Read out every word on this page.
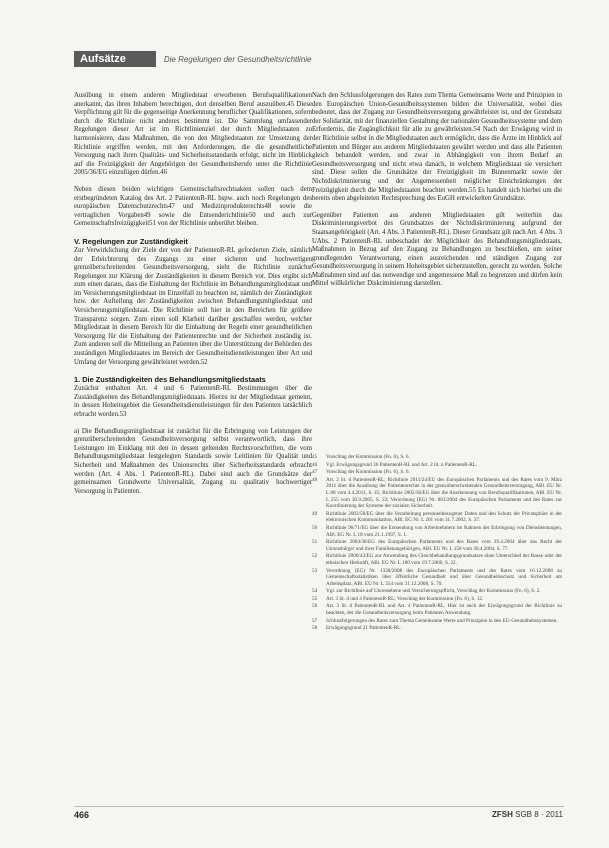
Aufsätze	Die Regelungen der Gesundheitsrichtlinie

Ausübung in einem anderen Mitgliedstaat erworbenen Berufsqualifikationen anerkannt, das ihren Inhabern berechtigen, dort denselben Beruf auszuüben.45 Diese Verpflichtung gilt für die gegenseitige Anerkennung beruflicher Qualifikationen, sofern durch die Richtlinie nicht anderes bestimmt ist. Die Sammlung umfassender Regelungen dieser Art ist im Richtlinienziel der durch Mitgliedstaaten zu harmonisieren, dass Maßnahmen, die von den Mitgliedstaaten zur Umsetzung der Richtlinie ergriffen werden, mit den Anforderungen, die die gesundheitliche Versorgung nach ihren Qualitäts- und Sicherheitsstandards erfolgt, nicht im Hinblick auf die Freizügigkeit der Angehörigen der Gesundheitsberufe unter die Richtlinie 2005/36/EG einzufügen dürfen.46

Neben diesen beiden wichtigen Gemeinschaftsrechtsakten sollen nach dem erstbegründeten Katalog des Art. 2 PatientenR-RL bspw. auch noch Regelungen des europäischen Datenschutzrechts47 und Medizinprodukterechts48 sowie die vertraglichen Vorgaben49 sowie die Entsenderichtlinie50 und auch zur Gemeinschaftsfreizügigkeit51 von der Richtlinie unberührt bleiben.

V. Regelungen zur Zuständigkeit

Zur Verwirklichung der Ziele der von der PatientenR-RL geforderten Ziele, nämlich der Erleichterung des Zugangs zu einer sicheren und hochwertigen grenzüberschreitenden Gesundheitsversorgung, sieht die Richtlinie zunächst Regelungen zur Klärung der Zuständigkeiten in diesem Bereich vor. Dies ergibt sich zum einen daraus, dass die Einhaltung der Richtlinie im Behandlungsmitgliedstaat und im Versicherungsmitgliedstaat im Einzelfall zu beachten ist, nämlich der Zuständigkeit bzw. der Aufteilung der Zuständigkeiten zwischen Behandlungsmitgliedstaat und Versicherungsmitgliedstaat. Die Richtlinie soll hier in den Bereichen für größere Transparenz sorgen. Zum einen soll Klarheit darüber geschaffen werden, welcher Mitgliedstaat in diesem Bereich für die Einhaltung der Regeln einer gesundheitlichen Versorgung für die Einhaltung der Patientenrechte und der Sicherheit zuständig ist. Zum anderen soll die Mitteilung an Patienten über die Unterstützung der Behörden des zuständigen Mitgliedstaates im Bereich der Gesundheitsdienstleistungen über Art und Umfang der Versorgung gewährleistet werden.52

1. Die Zuständigkeiten des Behandlungsmitgliedstaats

Zunächst enthalten Art. 4 und 6 PatientenR-RL Bestimmungen über die Zuständigkeiten des Behandlungsmitgliedstaats. Hierzu ist der Mitgliedstaat gemeint, in dessen Hoheitsgebiet die Gesundheitsdienstleistungen für den Patienten tatsächlich erbracht werden.53

a) Die Behandlungsmitgliedstaat ist zunächst für die Erbringung von Leistungen der grenzüberschreitenden Gesundheitsversorgung selbst verantwortlich, dass ihre Leistungen im Einklang mit den in dessen geltenden Rechtsvorschriften, die vom Behandlungsmitgliedstaat festgelegten Standards sowie Leitlinien für Qualität und Sicherheit und Maßnahmen des Unionsrechts über Sicherheitsstandards erbracht werden (Art. 4 Abs. 1 PatientenR-RL). Dabei sind auch die Grundsätze der gemeinsamen Grundwerte Universalität, Zugang zu qualitativ hochwertiger Versorgung in Patienten.

Nach den Schlussfolgerungen des Rates zum Thema Gemeinsame Werte und Prinzipien in den Europäischen Union-Gesundheitssystemen bilden die Universalität, wobei dies bedeutet, dass der Zugang zur Gesundheitsversorgung gewährleistet ist, und der Grundsatz der Solidarität, mit der finanziellen Gestaltung der nationalen Gesundheitssysteme und dem Erfordernis, die Zugänglichkeit für alle zu gewährleisten.54 Nach der Erwägung wird in der Richtlinie selbst in die Mitgliedstaaten auch ermöglicht, dass die Ärzte im Hinblick auf Patienten und Bürger aus anderen Mitgliedstaaten gewährt werden und dass alle Patienten gleich behandelt werden, und zwar in Abhängigkeit von ihrem Bedarf an Gesundheitsversorgung und nicht etwa danach, in welchem Mitgliedstaat sie versichert sind. Diese sollen die Grundsätze der Freizügigkeit im Binnenmarkt sowie der Nichtdiskriminierung und der Angemessenheit möglicher Einschränkungen der Freizügigkeit durch die Mitgliedstaaten beachtet werden.55 Es handelt sich hierbei um die bereits oben abgeleiteten Rechtsprechung des EuGH entwickelten Grundsätze.

Gegenüber Patienten aus anderen Mitgliedstaaten gilt weiterhin das Diskriminierungsverbot des Grundsatzes der Nichtdiskriminierung aufgrund der Staatsangehörigkeit (Art. 4 Abs. 3 PatientenR-RL). Dieser Grundsatz gilt nach Art. 4 Abs. 3 UAbs. 2 PatientenR-RL unbeschadet der Möglichkeit des Behandlungsmitgliedstaats, Maßnahmen in Bezug auf den Zugang zu Behandlungen zu beschließen, um seiner grundlegenden Verantwortung, einen ausreichenden und ständigen Zugang zur Gesundheitsversorgung in seinem Hoheitsgebiet sicherzustellen, gerecht zu werden. Solche Maßnahmen sind auf das notwendige und angemessene Maß zu begrenzen und dürfen kein Mittel willkürlicher Diskriminierung darstellen.

45	Vorschlag der Kommission (Fn. 6), S. 6.
46	Vgl. Erwägungsgrund 36 PatientenR-RL und Art. 2 lit. n PatientenR-RL.
47	Vorschlag der Kommission (Fn. 6), S. 6.
48	Art. 2 lit. d PatientenR-RL; Richtlinie 2011/24/EU des Europäischen Parlaments und des Rates vom 9. März 2011 über die Ausübung der Patientenrechte in der grenzüberschreitenden Gesundheitsversorgung, ABl. EU Nr. L 88 vom 4.4.2011, S. 45; Richtlinie 2005/36/EG über die Anerkennung von Berufsqualifikationen, ABl. EU Nr. L 255 vom 30.9.2005, S. 22; Verordnung (EG) Nr. 883/2004 des Europäischen Parlaments und des Rates zur Koordinierung der Systeme der sozialen Sicherheit.
49	Richtlinie 2002/58/EG über die Verarbeitung personenbezogener Daten und den Schutz der Privatsphäre in der elektronischen Kommunikation, ABl. EG Nr. L 201 vom 31.7.2002, S. 37.
50	Richtlinie 96/71/EG über die Entsendung von Arbeitnehmern im Rahmen der Erbringung von Dienstleistungen, ABl. EG Nr. L 18 vom 21.1.1997, S. 1.
51	Richtlinie 2004/38/EG des Europäischen Parlaments und des Rates vom 29.4.2004 über das Recht der Unionsbürger und ihrer Familienangehörigen, ABl. EU Nr. L 158 vom 30.4.2004, S. 77.
52	Richtlinie 2000/43/EG zur Anwendung des Gleichbehandlungsgrundsatzes ohne Unterschied der Rasse oder der ethnischen Herkunft, ABl. EG Nr. L 180 vom 19.7.2000, S. 22.
53	Verordnung (EG) Nr. 1338/2008 des Europäischen Parlaments und des Rates vom 16.12.2008 zu Gemeinschaftsstatistiken über öffentliche Gesundheit und über Gesundheitsschutz und Sicherheit am Arbeitsplatz, ABl. EU Nr. L 354 vom 31.12.2008, S. 70.
54	Vgl. zur Richtlinie auf Unionsebene und Versicherungspflicht, Vorschlag der Kommission (Fn. 6), S. 2.
55	Art. 3 lit. d und 4 PatientenR-RL; Vorschlag der Kommission (Fn. 6), S. 12.
56	Art. 3 lit. d PatientenR-RL und Art. 4 PatientenR-RL. Hier ist auch der Erwägungsgrund der Richtlinie zu beachten, der die Gesundheitsversorgung beim Patienten Anwendung.
57	Schlussfolgerungen des Rates zum Thema Gemeinsame Werte und Prinzipien in den EU-Gesundheitssystemen.
58	Erwägungsgrund 21 PatientenR-RL.
466	ZFSH SGB 8 · 2011
